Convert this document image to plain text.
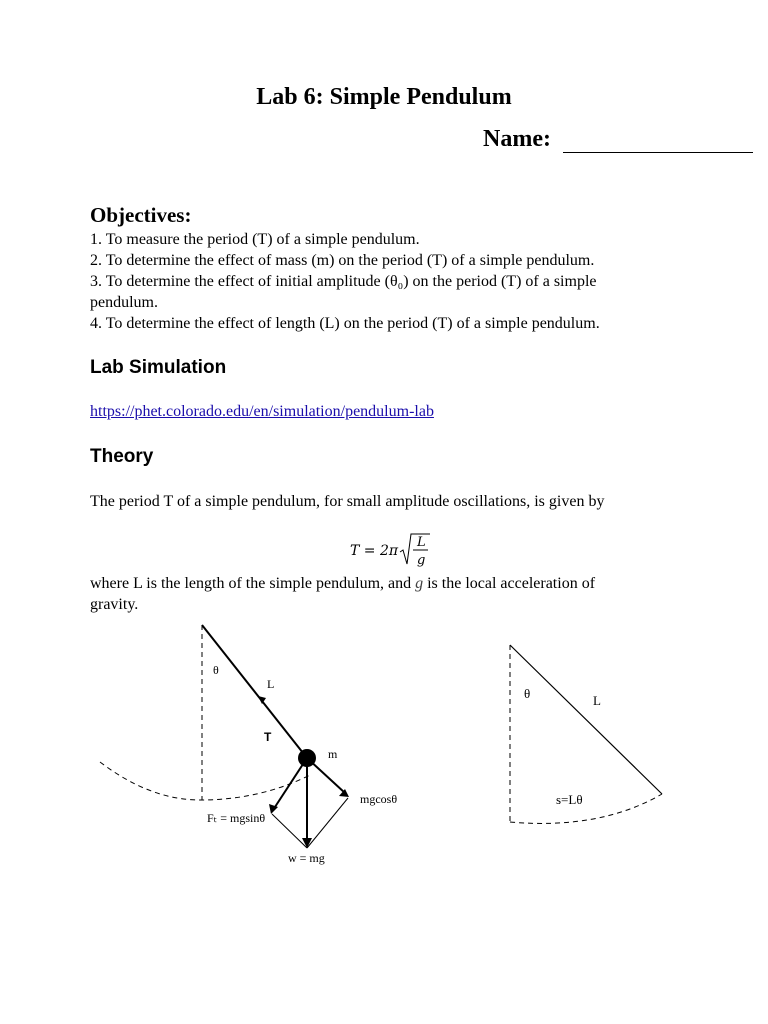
Lab 6: Simple Pendulum
Name:
Objectives:
1. To measure the period (T) of a simple pendulum.
2. To determine the effect of mass (m) on the period (T) of a simple pendulum.
3. To determine the effect of initial amplitude (θ₀) on the period (T) of a simple
pendulum.
4. To determine the effect of length (L) on the period (T) of a simple pendulum.
Lab Simulation
https://phet.colorado.edu/en/simulation/pendulum-lab
Theory
The period T of a simple pendulum, for small amplitude oscillations, is given by
T = 2π
L
g
where L is the length of the simple pendulum, and g is the local acceleration of
gravity.
θ
L
T
m
Fₜ = mgsinθ
mgcosθ
w = mg
θ	L
s=Lθ
